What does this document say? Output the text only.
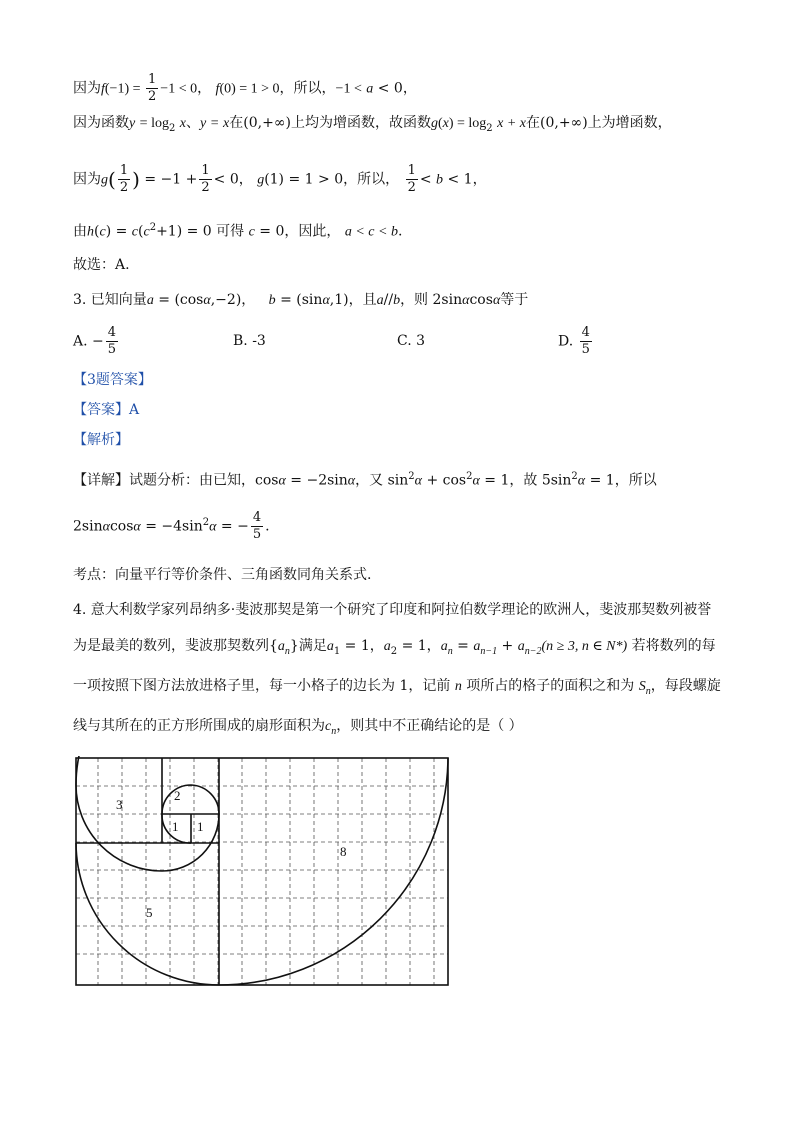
因为$f(-1) = \frac{1}{2} -1 < 0$， f(0) = 1 > 0，所以，−1 < a < 0，
因为函数$y = \log_2 x$、y = x在(0,+∞)上均为增函数，故函数$g(x) = \log_2 x + x$在(0,+∞)上为增函数，
因为$g( \frac{1}{2}$ ) = $-1 + \frac{1}{2} < 0$， g(1) = 1 > 0，所以， $\frac{1}{2} < b < 1$，
由$h(c) = c(c^2+1) = 0$ 可得 c = 0，因此， a < c < b.
故选：A.
3. 已知向量a = (cosα,−2)， b = (sinα,1)，且a//b，则 2sinαcosα等于
A. − $\frac{4}{5}$	B. -3	C. 3	D. $\frac{4}{5}$
【3题答案】
【答案】A
【解析】
【详解】试题分析：由已知，cosα = −2sinα，又 $\sin^2\alpha + \cos^2\alpha = 1$，故 $5\sin^2\alpha = 1$，所以
$2\sin\alpha\cos\alpha = -4\sin^2\alpha$ = − $\frac{4}{5}$ .
考点：向量平行等价条件、三角函数同角关系式.
4. 意大利数学家列昂纳多·斐波那契是第一个研究了印度和阿拉伯数学理论的欧洲人，斐波那契数列被誉
为是最美的数列，斐波那契数列$\{a_n\}$满足$a_1 = 1$，$a_2 = 1$，$a_n = a_{n-1} + a_{n-2}(n \ge 3$, n ∈ N*) 若将数列的每
一项按照下图方法放进格子里，每一小格子的边长为 1，记前 n 项所占的格子的面积之和为 $S_n$，每段螺旋
线与其所在的正方形所围成的扇形面积为$c_n$，则其中不正确结论的是（ ）
3
2
1 1
8
5
